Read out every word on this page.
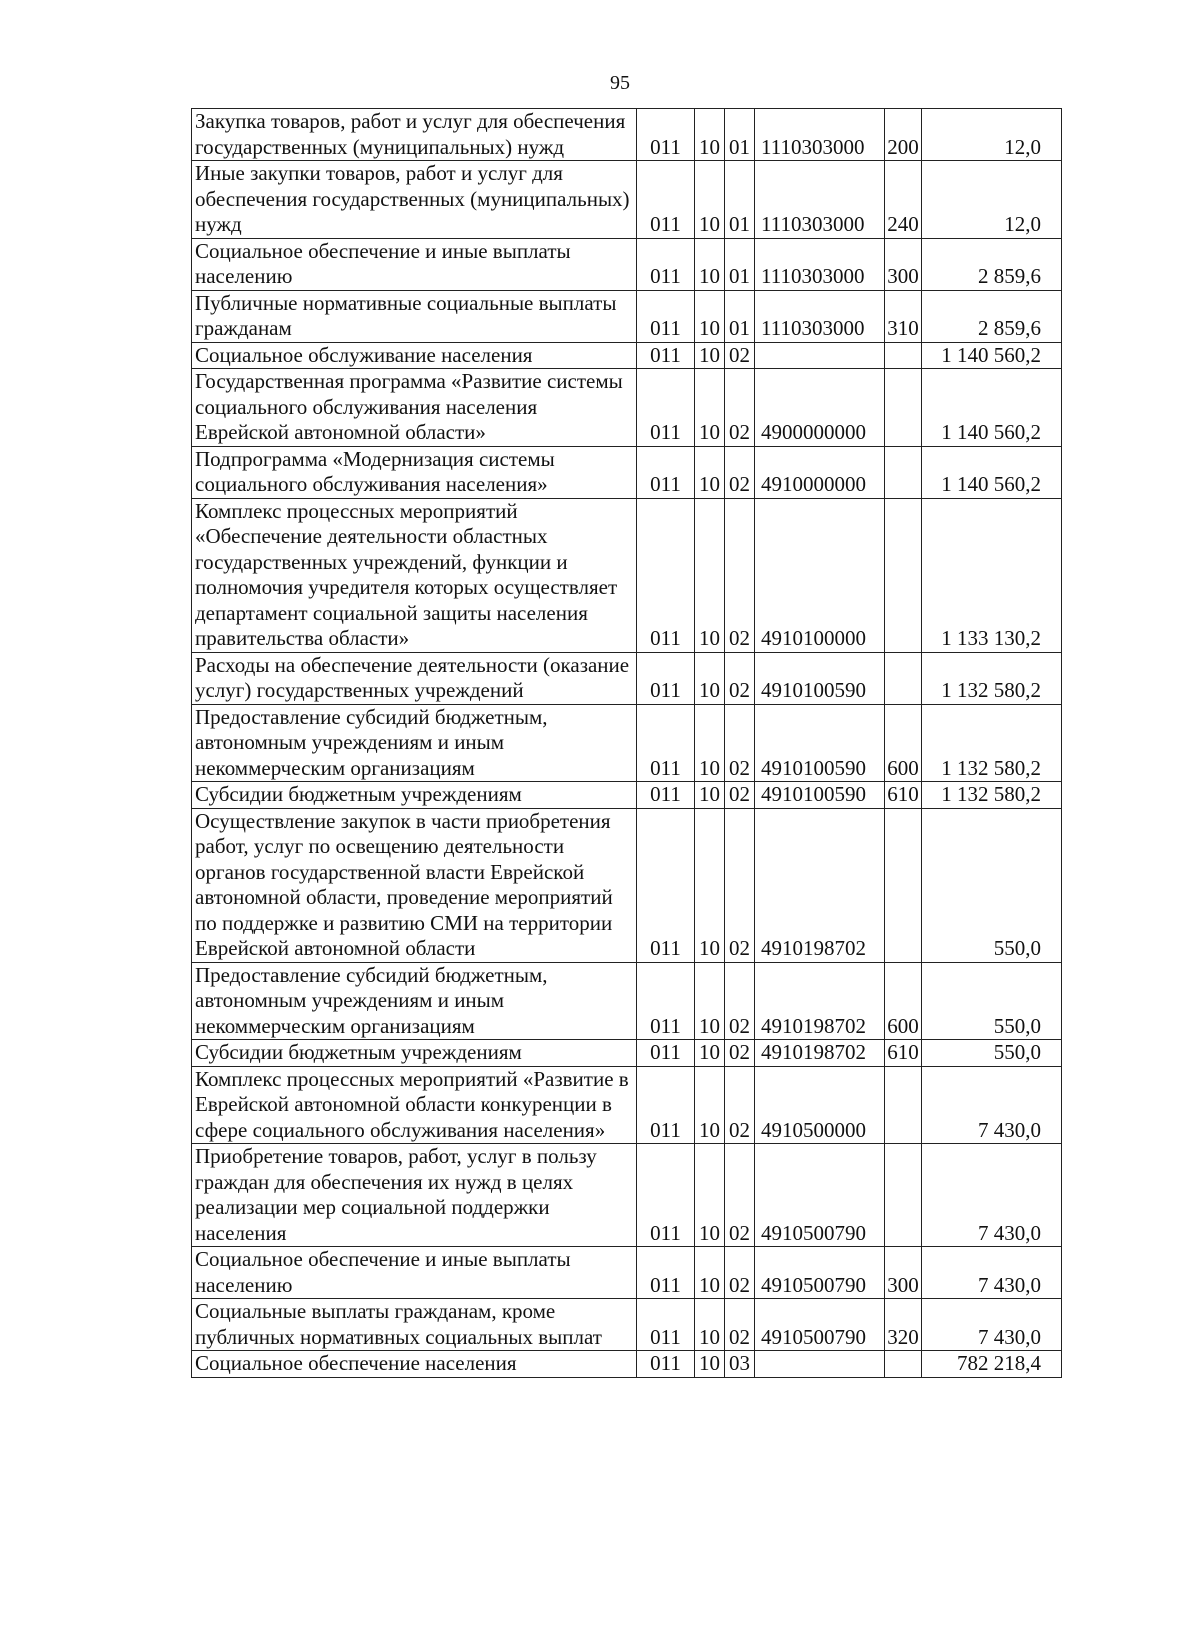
95
Закупка товаров, работ и услуг для обеспечения государственных (муниципальных) нужд	011	10	01	1110303000	200	12,0
Иные закупки товаров, работ и услуг для обеспечения государственных (муниципальных) нужд	011	10	01	1110303000	240	12,0
Социальное обеспечение и иные выплаты населению	011	10	01	1110303000	300	2 859,6
Публичные нормативные социальные выплаты гражданам	011	10	01	1110303000	310	2 859,6
Социальное обслуживание населения	011	10	02			1 140 560,2
Государственная программа «Развитие системы социального обслуживания населения Еврейской автономной области»	011	10	02	4900000000		1 140 560,2
Подпрограмма «Модернизация системы социального обслуживания населения»	011	10	02	4910000000		1 140 560,2
Комплекс процессных мероприятий «Обеспечение деятельности областных государственных учреждений, функции и полномочия учредителя которых осуществляет департамент социальной защиты населения правительства области»	011	10	02	4910100000		1 133 130,2
Расходы на обеспечение деятельности (оказание услуг) государственных учреждений	011	10	02	4910100590		1 132 580,2
Предоставление субсидий бюджетным, автономным учреждениям и иным некоммерческим организациям	011	10	02	4910100590	600	1 132 580,2
Субсидии бюджетным учреждениям	011	10	02	4910100590	610	1 132 580,2
Осуществление закупок в части приобретения работ, услуг по освещению деятельности органов государственной власти Еврейской автономной области, проведение мероприятий по поддержке и развитию СМИ на территории Еврейской автономной области	011	10	02	4910198702		550,0
Предоставление субсидий бюджетным, автономным учреждениям и иным некоммерческим организациям	011	10	02	4910198702	600	550,0
Субсидии бюджетным учреждениям	011	10	02	4910198702	610	550,0
Комплекс процессных мероприятий «Развитие в Еврейской автономной области конкуренции в сфере социального обслуживания населения»	011	10	02	4910500000		7 430,0
Приобретение товаров, работ, услуг в пользу граждан для обеспечения их нужд в целях реализации мер социальной поддержки населения	011	10	02	4910500790		7 430,0
Социальное обеспечение и иные выплаты населению	011	10	02	4910500790	300	7 430,0
Социальные выплаты гражданам, кроме публичных нормативных социальных выплат	011	10	02	4910500790	320	7 430,0
Социальное обеспечение населения	011	10	03			782 218,4
